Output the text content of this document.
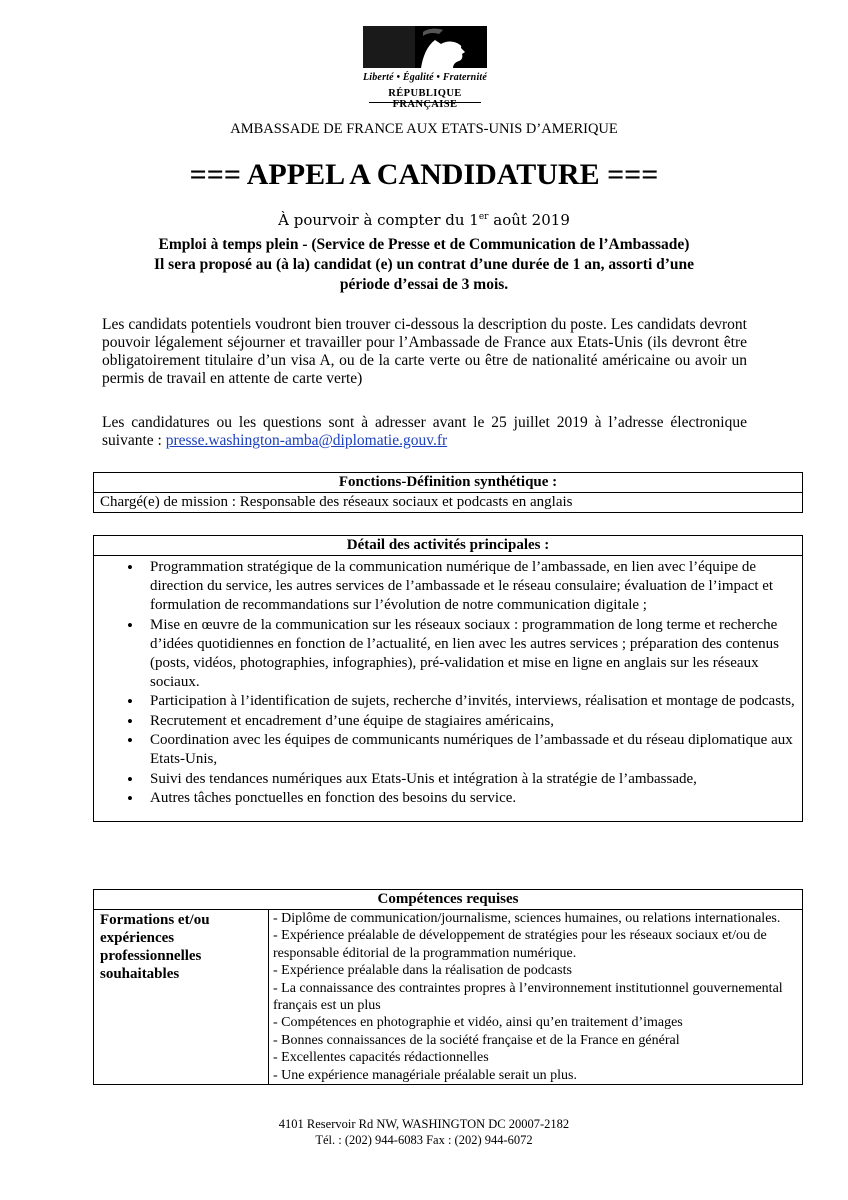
Liberté • Égalité • Fraternité
RÉPUBLIQUE FRANÇAISE
AMBASSADE DE FRANCE AUX ETATS-UNIS D’AMERIQUE
=== APPEL A CANDIDATURE ===
À pourvoir à compter du 1er août 2019
Emploi à temps plein - (Service de Presse et de Communication de l’Ambassade)
Il sera proposé au (à la) candidat (e) un contrat d’une durée de 1 an, assorti d’une
période d’essai de 3 mois.
Les candidats potentiels voudront bien trouver ci-dessous la description du poste. Les candidats devront pouvoir légalement séjourner et travailler pour l’Ambassade de France aux Etats-Unis (ils devront être obligatoirement titulaire d’un visa A, ou de la carte verte ou être de nationalité américaine ou avoir un permis de travail en attente de carte verte)
Les candidatures ou les questions sont à adresser avant le 25 juillet 2019 à l’adresse électronique suivante : presse.washington-amba@diplomatie.gouv.fr
Fonctions-Définition synthétique :
Chargé(e) de mission : Responsable des réseaux sociaux et podcasts en anglais
Détail des activités principales :

• Programmation stratégique de la communication numérique de l’ambassade, en lien avec l’équipe de direction du service, les autres services de l’ambassade et le réseau consulaire; évaluation de l’impact et formulation de recommandations sur l’évolution de notre communication digitale ;
• Mise en œuvre de la communication sur les réseaux sociaux : programmation de long terme et recherche d’idées quotidiennes en fonction de l’actualité, en lien avec les autres services ; préparation des contenus (posts, vidéos, photographies, infographies), pré-validation et mise en ligne en anglais sur les réseaux sociaux.
• Participation à l’identification de sujets, recherche d’invités, interviews, réalisation et montage de podcasts,
• Recrutement et encadrement d’une équipe de stagiaires américains,
• Coordination avec les équipes de communicants numériques de l’ambassade et du réseau diplomatique aux Etats-Unis,
• Suivi des tendances numériques aux Etats-Unis et intégration à la stratégie de l’ambassade,
• Autres tâches ponctuelles en fonction des besoins du service.
Compétences requises
Formations et/ou expériences professionnelles souhaitables	
- Diplôme de communication/journalisme, sciences humaines, ou relations internationales.
- Expérience préalable de développement de stratégies pour les réseaux sociaux et/ou de responsable éditorial de la programmation numérique.
- Expérience préalable dans la réalisation de podcasts
- La connaissance des contraintes propres à l’environnement institutionnel gouvernemental français est un plus
- Compétences en photographie et vidéo, ainsi qu’en traitement d’images
- Bonnes connaissances de la société française et de la France en général
- Excellentes capacités rédactionnelles
- Une expérience managériale préalable serait un plus.
4101 Reservoir Rd NW, WASHINGTON DC 20007-2182
Tél. : (202) 944-6083 Fax : (202) 944-6072
